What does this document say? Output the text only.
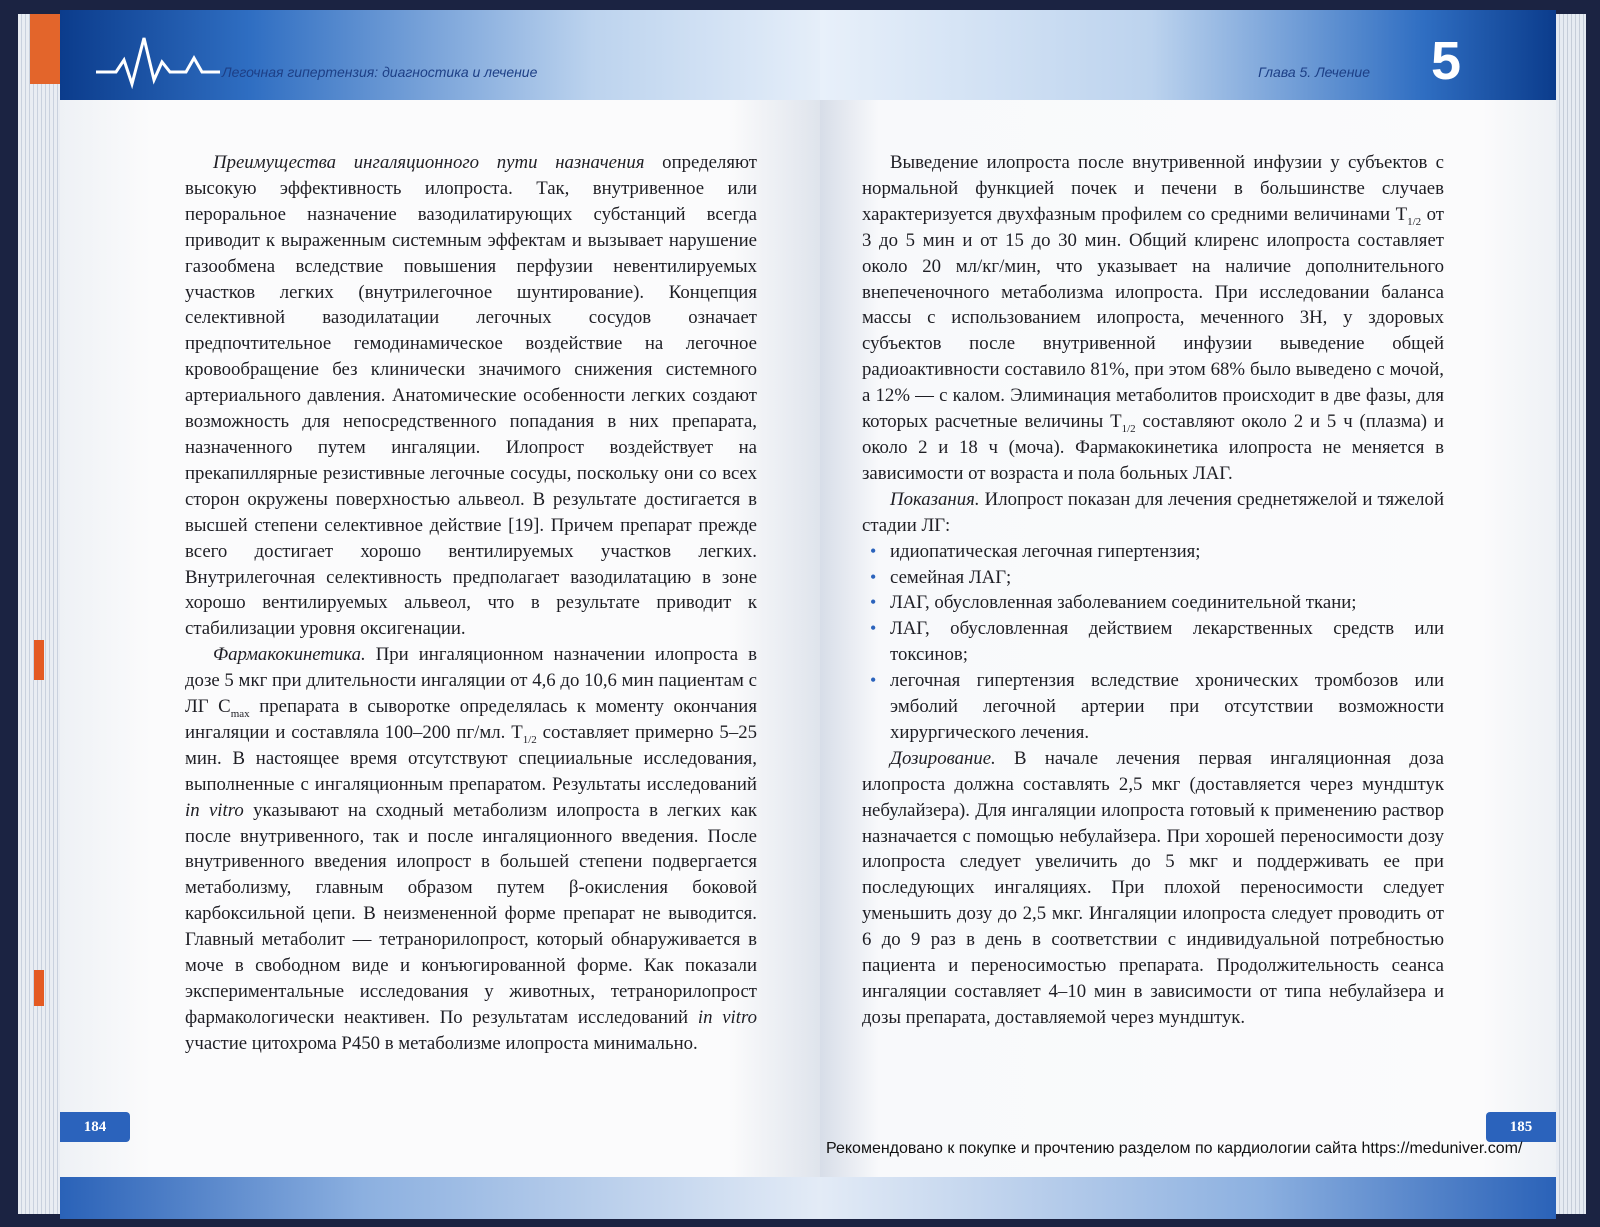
Легочная гипертензия: диагностика и лечение

Преимущества ингаляционного пути назначения определяют высокую эффективность илопроста. Так, внутривенное или пероральное назначение вазодилатирующих субстанций всегда приводит к выраженным системным эффектам и вызывает нарушение газообмена вследствие повышения перфузии невентилируемых участков легких (внутрилегочное шунтирование). Концепция селективной вазодилатации легочных сосудов означает предпочтительное гемодинамическое воздействие на легочное кровообращение без клинически значимого снижения системного артериального давления. Анатомические особенности легких создают возможность для непосредственного попадания в них препарата, назначенного путем ингаляции. Илопрост воздействует на прекапиллярные резистивные легочные сосуды, поскольку они со всех сторон окружены поверхностью альвеол. В результате достигается в высшей степени селективное действие [19]. Причем препарат прежде всего достигает хорошо вентилируемых участков легких. Внутрилегочная селективность предполагает вазодилатацию в зоне хорошо вентилируемых альвеол, что в результате приводит к стабилизации уровня оксигенации.

Фармакокинетика. При ингаляционном назначении илопроста в дозе 5 мкг при длительности ингаляции от 4,6 до 10,6 мин пациентам с ЛГ $C_{max}$ препарата в сыворотке определялась к моменту окончания ингаляции и составляла 100–200 пг/мл. $T_{1/2}$ составляет примерно 5–25 мин. В настоящее время отсутствуют специиальные исследования, выполненные с ингаляционным препаратом. Результаты исследований in vitro указывают на сходный метаболизм илопроста в легких как после внутривенного, так и после ингаляционного введения. После внутривенного введения илопрост в большей степени подвергается метаболизму, главным образом путем β-окисления боковой карбоксильной цепи. В неизмененной форме препарат не выводится. Главный метаболит — тетранорилопрост, который обнаруживается в моче в свободном виде и конъюгированной форме. Как показали экспериментальные исследования у животных, тетранорилопрост фармакологически неактивен. По результатам исследований in vitro участие цитохрома P450 в метаболизме илопроста минимально.

184
Глава 5. Лечение 5

Выведение илопроста после внутривенной инфузии у субъектов с нормальной функцией почек и печени в большинстве случаев характеризуется двухфазным профилем со средними величинами $T_{1/2}$ от 3 до 5 мин и от 15 до 30 мин. Общий клиренс илопроста составляет около 20 мл/кг/мин, что указывает на наличие дополнительного внепеченочного метаболизма илопроста. При исследовании баланса массы с использованием илопроста, меченного 3H, у здоровых субъектов после внутривенной инфузии выведение общей радиоактивности составило 81%, при этом 68% было выведено с мочой, а 12% — с калом. Элиминация метаболитов происходит в две фазы, для которых расчетные величины $T_{1/2}$ составляют около 2 и 5 ч (плазма) и около 2 и 18 ч (моча). Фармакокинетика илопроста не меняется в зависимости от возраста и пола больных ЛАГ.

Показания. Илопрост показан для лечения среднетяжелой и тяжелой стадии ЛГ:

• идиопатическая легочная гипертензия;
• семейная ЛАГ;
• ЛАГ, обусловленная заболеванием соединительной ткани;
• ЛАГ, обусловленная действием лекарственных средств или токсинов;
• легочная гипертензия вследствие хронических тромбозов или эмболий легочной артерии при отсутствии возможности хирургического лечения.

Дозирование. В начале лечения первая ингаляционная доза илопроста должна составлять 2,5 мкг (доставляется через мундштук небулайзера). Для ингаляции илопроста готовый к применению раствор назначается с помощью небулайзера. При хорошей переносимости дозу илопроста следует увеличить до 5 мкг и поддерживать ее при последующих ингаляциях. При плохой переносимости следует уменьшить дозу до 2,5 мкг. Ингаляции илопроста следует проводить от 6 до 9 раз в день в соответствии с индивидуальной потребностью пациента и переносимостью препарата. Продолжительность сеанса ингаляции составляет 4–10 мин в зависимости от типа небулайзера и дозы препарата, доставляемой через мундштук.

185
Рекомендовано к покупке и прочтению разделом по кардиологии сайта https://meduniver.com/
